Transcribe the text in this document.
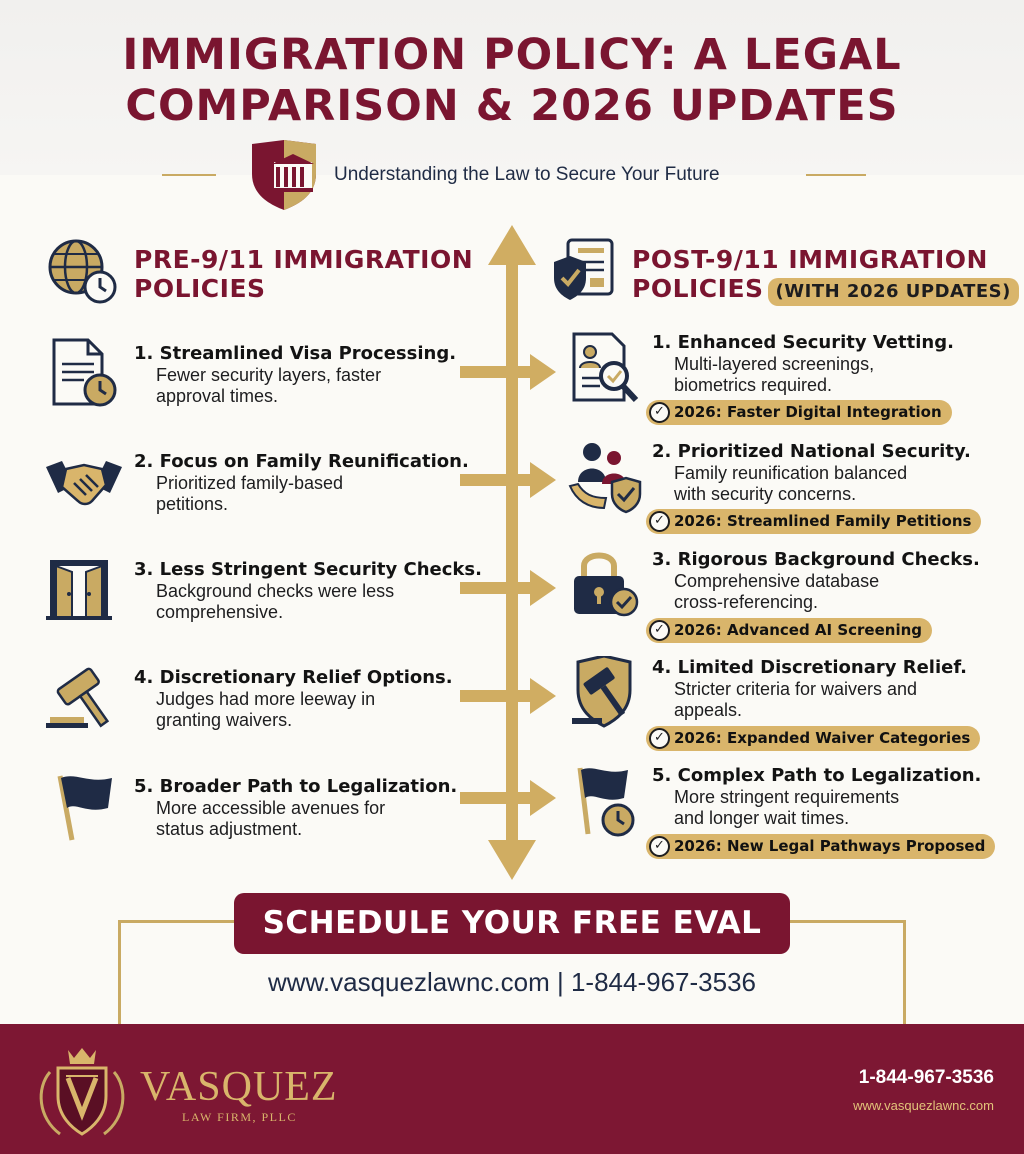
IMMIGRATION POLICY: A LEGAL
COMPARISON & 2026 UPDATES
Understanding the Law to Secure Your Future
PRE-9/11 IMMIGRATION
POLICIES
POST-9/11 IMMIGRATION
POLICIES (WITH 2026 UPDATES)
1. Streamlined Visa Processing.
Fewer security layers, faster
approval times.
2. Focus on Family Reunification.
Prioritized family-based
petitions.
3. Less Stringent Security Checks.
Background checks were less
comprehensive.
4. Discretionary Relief Options.
Judges had more leeway in
granting waivers.
5. Broader Path to Legalization.
More accessible avenues for
status adjustment.
1. Enhanced Security Vetting.
Multi-layered screenings,
biometrics required.
✓ 2026: Faster Digital Integration
2. Prioritized National Security.
Family reunification balanced
with security concerns.
✓ 2026: Streamlined Family Petitions
3. Rigorous Background Checks.
Comprehensive database
cross-referencing.
✓ 2026: Advanced AI Screening
4. Limited Discretionary Relief.
Stricter criteria for waivers and
appeals.
✓ 2026: Expanded Waiver Categories
5. Complex Path to Legalization.
More stringent requirements
and longer wait times.
✓ 2026: New Legal Pathways Proposed
SCHEDULE YOUR FREE EVAL
www.vasquezlawnc.com | 1-844-967-3536
VASQUEZ
LAW FIRM, PLLC
1-844-967-3536
www.vasquezlawnc.com
